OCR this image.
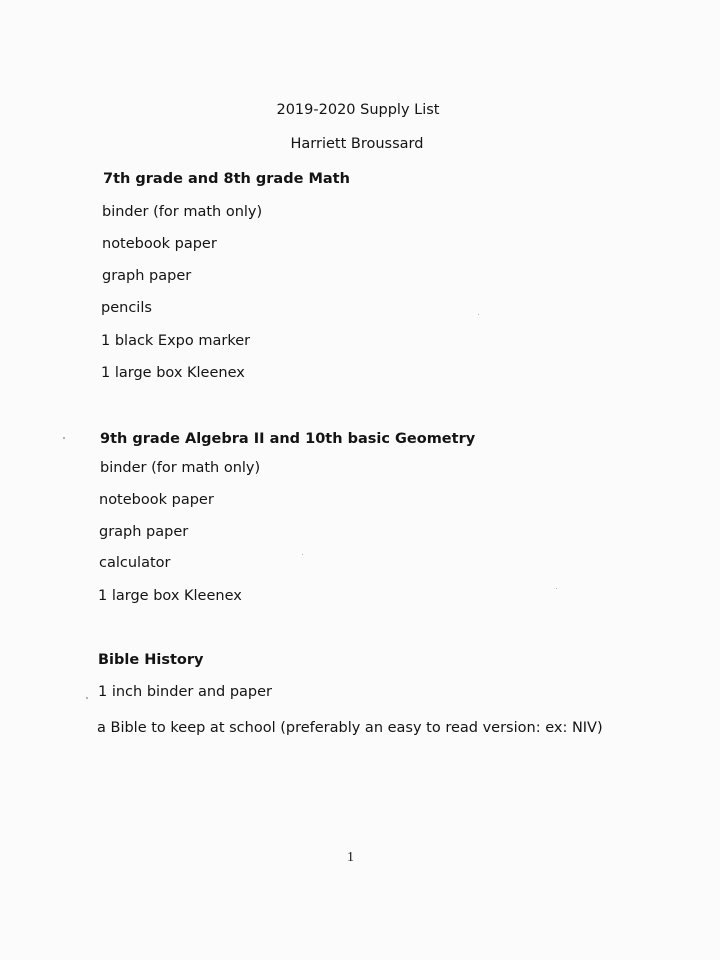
2019-2020 Supply List
Harriett Broussard
7th grade and 8th grade Math
binder (for math only)
notebook paper
graph paper
pencils
1 black Expo marker
1 large box Kleenex
9th grade Algebra II and 10th basic Geometry
binder (for math only)
notebook paper
graph paper
calculator
1 large box Kleenex
Bible History
1 inch binder and paper
a Bible to keep at school (preferably an easy to read version: ex: NIV)
1
